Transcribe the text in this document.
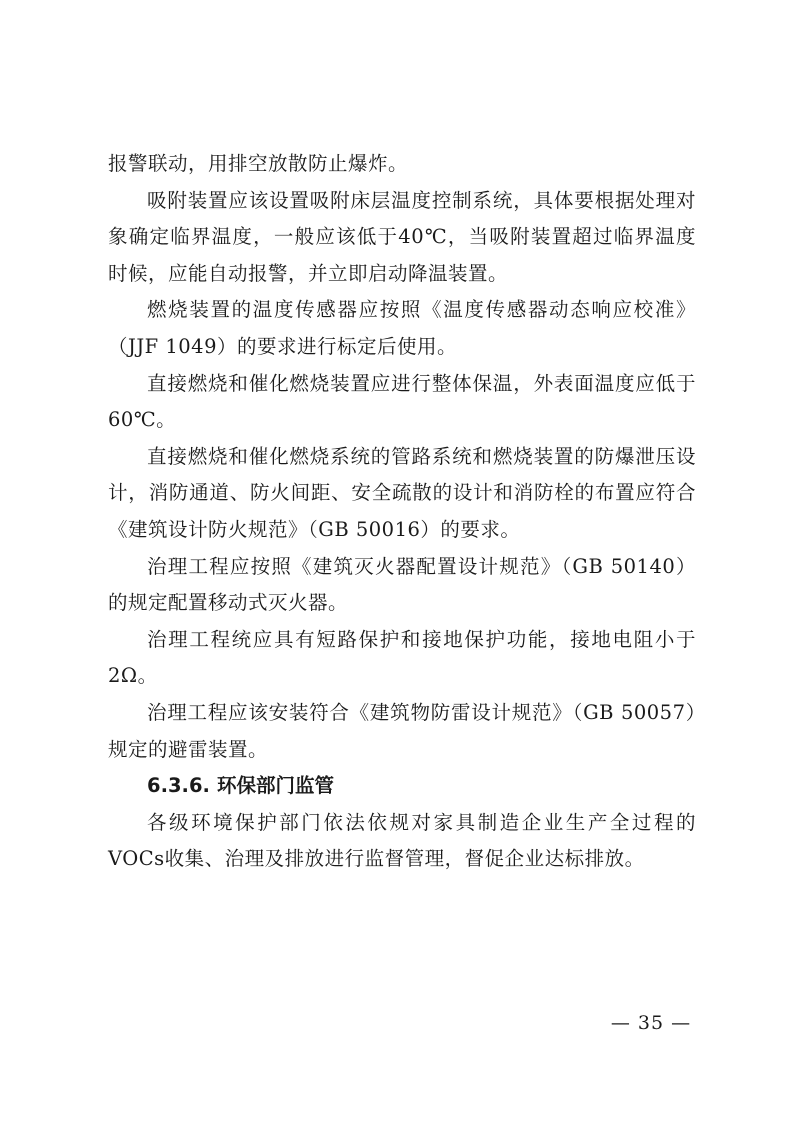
报警联动，用排空放散防止爆炸。

吸附装置应该设置吸附床层温度控制系统，具体要根据处理对象确定临界温度，一般应该低于40℃，当吸附装置超过临界温度时候，应能自动报警，并立即启动降温装置。

燃烧装置的温度传感器应按照《温度传感器动态响应校准》（JJF 1049）的要求进行标定后使用。

直接燃烧和催化燃烧装置应进行整体保温，外表面温度应低于60℃。

直接燃烧和催化燃烧系统的管路系统和燃烧装置的防爆泄压设计，消防通道、防火间距、安全疏散的设计和消防栓的布置应符合《建筑设计防火规范》（GB 50016）的要求。

治理工程应按照《建筑灭火器配置设计规范》（GB 50140）的规定配置移动式灭火器。

治理工程统应具有短路保护和接地保护功能，接地电阻小于2Ω。

治理工程应该安装符合《建筑物防雷设计规范》（GB 50057）规定的避雷装置。

6.3.6. 环保部门监管

各级环境保护部门依法依规对家具制造企业生产全过程的VOCs收集、治理及排放进行监督管理，督促企业达标排放。

— 35 —
